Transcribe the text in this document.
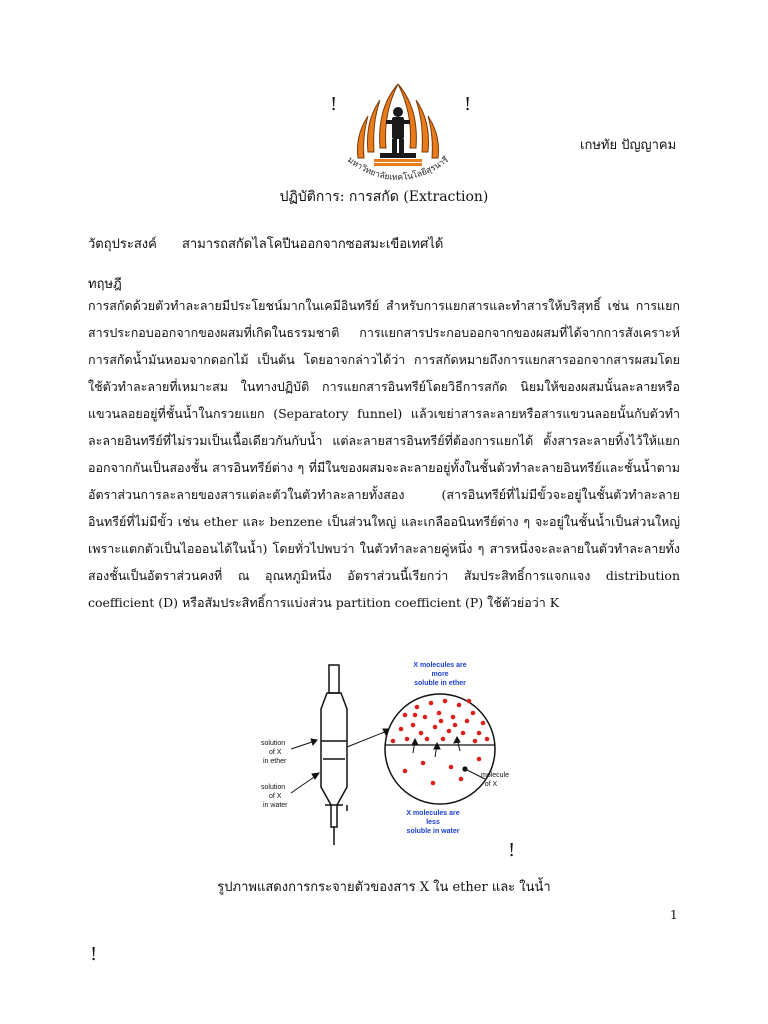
!	!
มหาวิทยาลัยเทคโนโลยีสุรนารี
เกษทัย ปัญญาคม
ปฏิบัติการ: การสกัด (Extraction)
วัตถุประสงค์ สามารถสกัดไลโคปีนออกจากซอสมะเขือเทศได้
ทฤษฎี
การสกัดด้วยตัวทำละลายมีประโยชน์มากในเคมีอินทรีย์ สำหรับการแยกสารและทำสารให้บริสุทธิ์ เช่น การแยกสารประกอบออกจากของผสมที่เกิดในธรรมชาติ การแยกสารประกอบออกจากของผสมที่ได้จากการสังเคราะห์ การสกัดน้ำมันหอมจากดอกไม้ เป็นต้น โดยอาจกล่าวได้ว่า การสกัดหมายถึงการแยกสารออกจากสารผสมโดยใช้ตัวทำละลายที่เหมาะสม ในทางปฏิบัติ การแยกสารอินทรีย์โดยวิธีการสกัด นิยมให้ของผสมนั้นละลายหรือแขวนลอยอยู่ที่ชั้นน้ำในกรวยแยก (Separatory funnel) แล้วเขย่าสารละลายหรือสารแขวนลอยนั้นกับตัวทำละลายอินทรีย์ที่ไม่รวมเป็นเนื้อเดียวกันกับน้ำ แต่ละลายสารอินทรีย์ที่ต้องการแยกได้ ตั้งสารละลายทิ้งไว้ให้แยกออกจากกันเป็นสองชั้น สารอินทรีย์ต่าง ๆ ที่มีในของผสมจะละลายอยู่ทั้งในชั้นตัวทำละลายอินทรีย์และชั้นน้ำตามอัตราส่วนการละลายของสารแต่ละตัวในตัวทำละลายทั้งสอง (สารอินทรีย์ที่ไม่มีขั้วจะอยู่ในชั้นตัวทำละลายอินทรีย์ที่ไม่มีขั้ว เช่น ether และ benzene เป็นส่วนใหญ่ และเกลืออนินทรีย์ต่าง ๆ จะอยู่ในชั้นน้ำเป็นส่วนใหญ่เพราะแตกตัวเป็นไอออนได้ในน้ำ) โดยทั่วไปพบว่า ในตัวทำละลายคู่หนึ่ง ๆ สารหนึ่งจะละลายในตัวทำละลายทั้งสองชั้นเป็นอัตราส่วนคงที่ ณ อุณหภูมิหนึ่ง อัตราส่วนนี้เรียกว่า สัมประสิทธิ์การแจกแจง distribution coefficient (D) หรือสัมประสิทธิ์การแบ่งส่วน partition coefficient (P) ใช้ตัวย่อว่า K
solution
of X
in ether
solution
of X
in water
X molecules are
more
soluble in ether
X molecules are
less
soluble in water
molecule
of X
!
รูปภาพแสดงการกระจายตัวของสาร X ใน ether และ ในน้ำ
1
!
